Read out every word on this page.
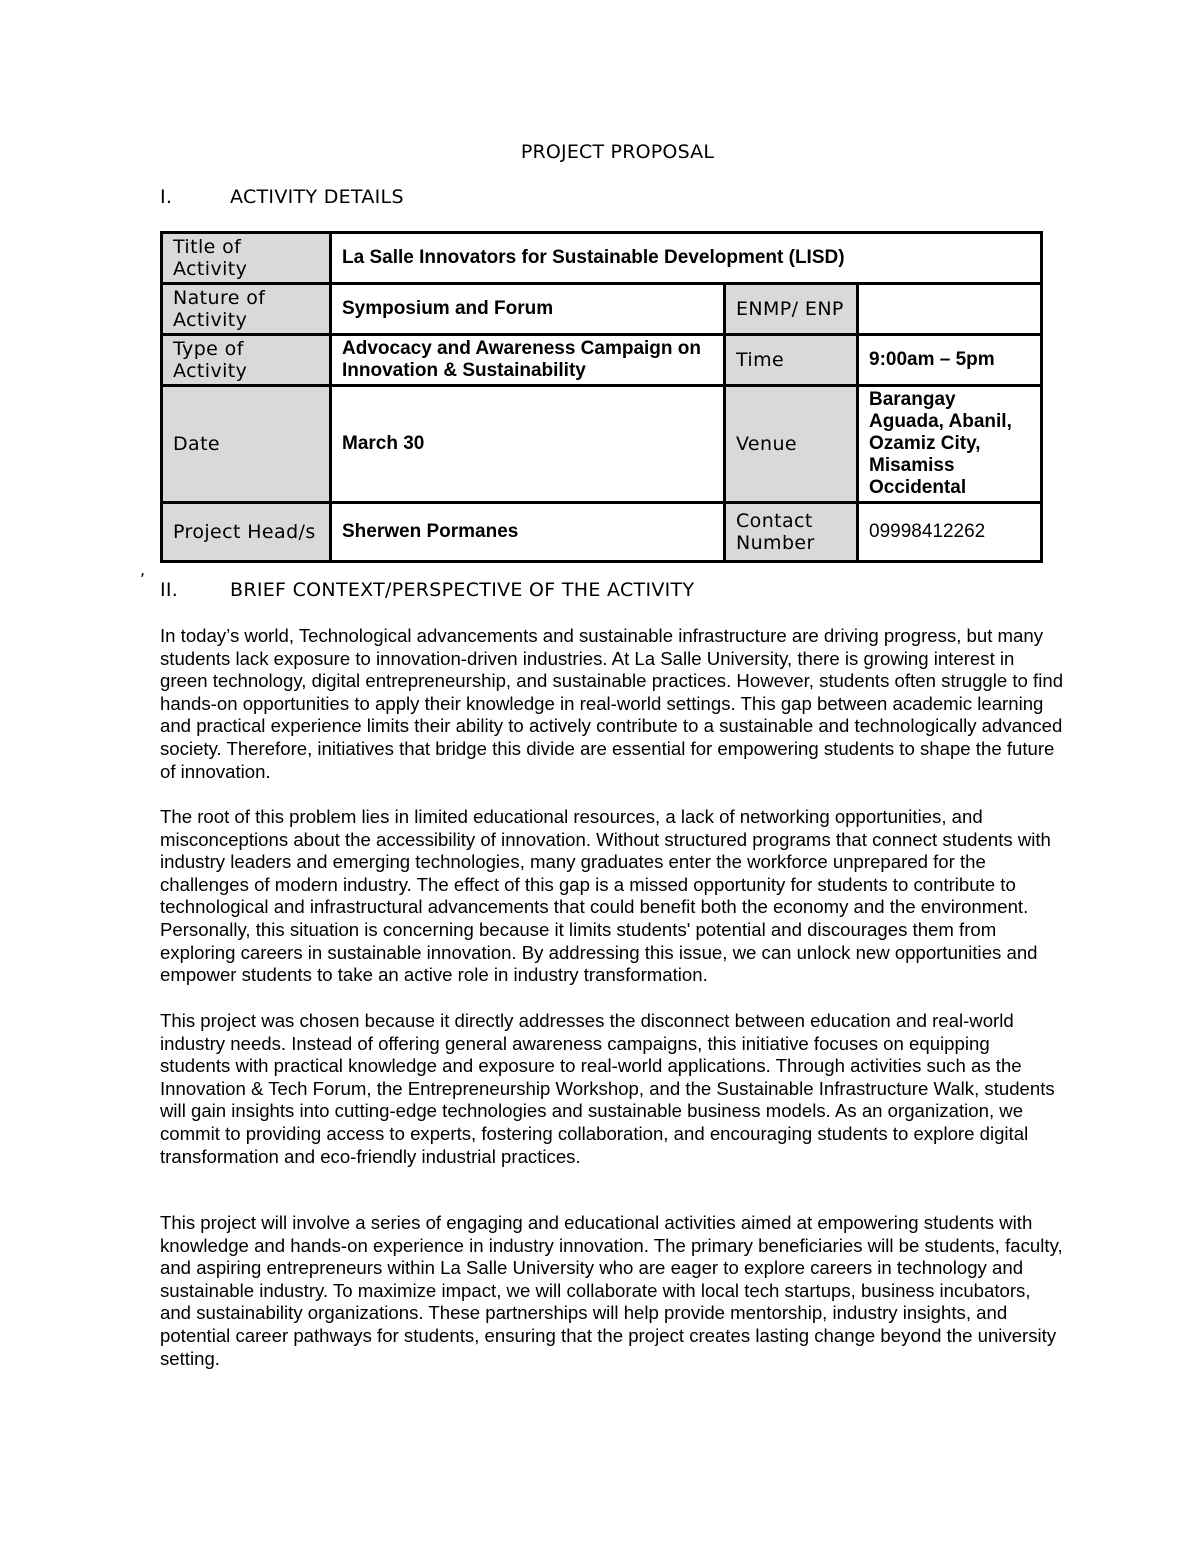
PROJECT PROPOSAL
I.	ACTIVITY DETAILS
Title of Activity	La Salle Innovators for Sustainable Development (LISD)		
Nature of Activity	Symposium and Forum	ENMP/ ENP	
Type of Activity	Advocacy and Awareness Campaign on Innovation & Sustainability	Time	9:00am – 5pm
Date	March 30	Venue	Barangay Aguada, Abanil, Ozamiz City, Misamiss Occidental
Project Head/s	Sherwen Pormanes	Contact Number	09998412262
,
II.	BRIEF CONTEXT/PERSPECTIVE OF THE ACTIVITY
In today’s world, Technological advancements and sustainable infrastructure are driving progress, but many students lack exposure to innovation-driven industries. At La Salle University, there is growing interest in green technology, digital entrepreneurship, and sustainable practices. However, students often struggle to find hands-on opportunities to apply their knowledge in real-world settings. This gap between academic learning and practical experience limits their ability to actively contribute to a sustainable and technologically advanced society. Therefore, initiatives that bridge this divide are essential for empowering students to shape the future of innovation.
The root of this problem lies in limited educational resources, a lack of networking opportunities, and misconceptions about the accessibility of innovation. Without structured programs that connect students with industry leaders and emerging technologies, many graduates enter the workforce unprepared for the challenges of modern industry. The effect of this gap is a missed opportunity for students to contribute to technological and infrastructural advancements that could benefit both the economy and the environment. Personally, this situation is concerning because it limits students' potential and discourages them from exploring careers in sustainable innovation. By addressing this issue, we can unlock new opportunities and empower students to take an active role in industry transformation.
This project was chosen because it directly addresses the disconnect between education and real-world industry needs. Instead of offering general awareness campaigns, this initiative focuses on equipping students with practical knowledge and exposure to real-world applications. Through activities such as the Innovation & Tech Forum, the Entrepreneurship Workshop, and the Sustainable Infrastructure Walk, students will gain insights into cutting-edge technologies and sustainable business models. As an organization, we commit to providing access to experts, fostering collaboration, and encouraging students to explore digital transformation and eco-friendly industrial practices.
This project will involve a series of engaging and educational activities aimed at empowering students with knowledge and hands-on experience in industry innovation. The primary beneficiaries will be students, faculty, and aspiring entrepreneurs within La Salle University who are eager to explore careers in technology and sustainable industry. To maximize impact, we will collaborate with local tech startups, business incubators, and sustainability organizations. These partnerships will help provide mentorship, industry insights, and potential career pathways for students, ensuring that the project creates lasting change beyond the university setting.
